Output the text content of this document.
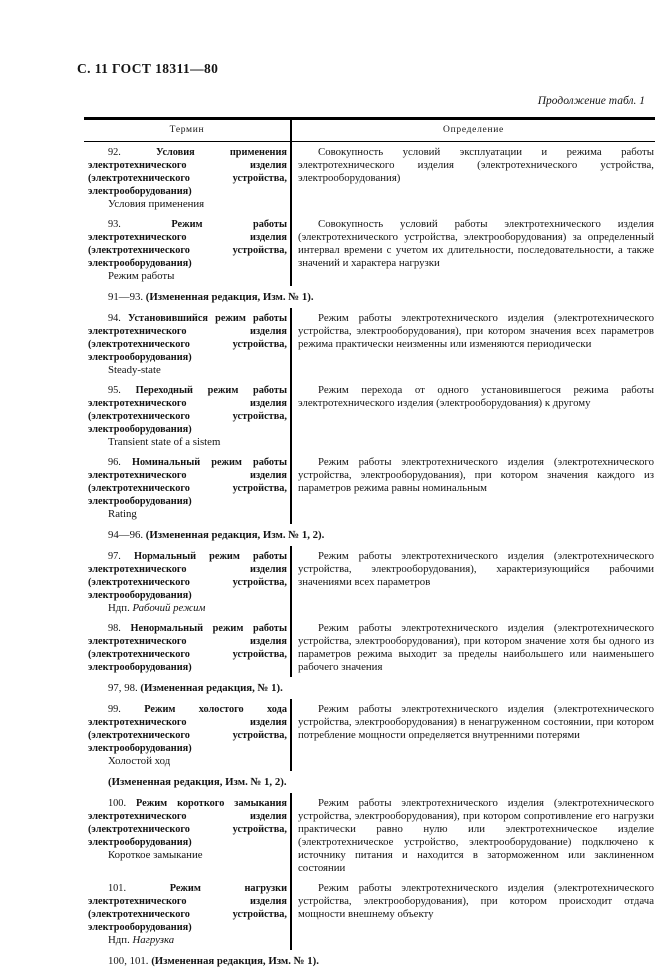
С. 11 ГОСТ 18311—80
Продолжение табл. 1
Термин	Определение

92. Условия применения электротехнического изделия (электротехнического устройства, электрооборудования)

Условия применения	Совокупность условий эксплуатации и режима работы электротехнического изделия (электротехнического устройства, электрооборудования)

93. Режим работы электротехнического изделия (электротехнического устройства, электрооборудования)

Режим работы	Совокупность условий работы электротехнического изделия (электротехнического устройства, электрооборудования) за определенный интервал времени с учетом их длительности, последовательности, а также значений и характера нагрузки

91—93. (Измененная редакция, Изм. № 1).	

94. Установившийся режим работы электротехнического изделия (электротехнического устройства, электрооборудования)

Steady-state	Режим работы электротехнического изделия (электротехнического устройства, электрооборудования), при котором значения всех параметров режима практически неизменны или изменяются периодически

95. Переходный режим работы электротехнического изделия (электротехнического устройства, электрооборудования)

Transient state of a sistem	Режим перехода от одного установившегося режима работы электротехнического изделия (электрооборудования) к другому

96. Номинальный режим работы электротехнического изделия (электротехнического устройства, электрооборудования)

Rating	Режим работы электротехнического изделия (электротехнического устройства, электрооборудования), при котором значения каждого из параметров режима равны номинальным

94—96. (Измененная редакция, Изм. № 1, 2).	

97. Нормальный режим работы электротехнического изделия (электротехнического устройства, электрооборудования)

Ндп. Рабочий режим	Режим работы электротехнического изделия (электротехнического устройства, электрооборудования), характеризующийся рабочими значениями всех параметров

98. Ненормальный режим работы электротехнического изделия (электротехнического устройства, электрооборудования)	Режим работы электротехнического изделия (электротехнического устройства, электрооборудования), при котором значение хотя бы одного из параметров режима выходит за пределы наибольшего или наименьшего рабочего значения

97, 98. (Измененная редакция, № 1).	

99. Режим холостого хода электротехнического изделия (электротехнического устройства, электрооборудования)

Холостой ход	Режим работы электротехнического изделия (электротехнического устройства, электрооборудования) в ненагруженном состоянии, при котором потребление мощности определяется внутренними потерями

(Измененная редакция, Изм. № 1, 2).	

100. Режим короткого замыкания электротехнического изделия (электротехнического устройства, электрооборудования)

Короткое замыкание	Режим работы электротехнического изделия (электротехнического устройства, электрооборудования), при котором сопротивление его нагрузки практически равно нулю или электротехническое изделие (электротехническое устройство, электрооборудование) подключено к источнику питания и находится в заторможенном или заклиненном состоянии

101. Режим нагрузки электротехнического изделия (электротехнического устройства, электрооборудования)

Ндп. Нагрузка	Режим работы электротехнического изделия (электротехнического устройства, электрооборудования), при котором происходит отдача мощности внешнему объекту

100, 101. (Измененная редакция, Изм. № 1).	
